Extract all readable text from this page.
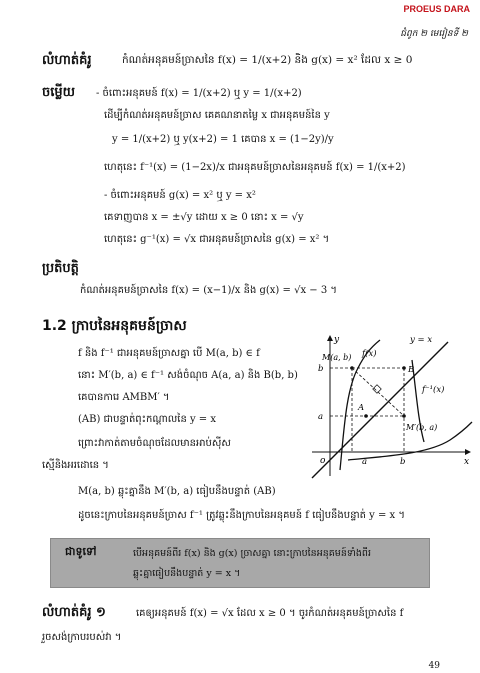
PROEUS DARA
ជំពូក ២ មេរៀនទី ២
លំហាត់គំរូ	កំណត់អនុគមន៍ច្រាសនៃ f(x) = 1/(x+2) និង g(x) = x² ដែល x ≥ 0
ចម្លើយ - ចំពោះអនុគមន៍ f(x) = 1/(x+2) ឬ y = 1/(x+2)
ដើម្បីកំណត់អនុគមន៍ច្រាស គេគណនាតម្លៃ x ជាអនុគមន៍នៃ y
y = 1/(x+2) ឬ y(x+2) = 1 គេបាន x = (1−2y)/y
ហេតុនេះ f⁻¹(x) = (1−2x)/x ជាអនុគមន៍ច្រាសនៃអនុគមន៍ f(x) = 1/(x+2)
- ចំពោះអនុគមន៍ g(x) = x² ឬ y = x²
គេទាញបាន x = ±√y ដោយ x ≥ 0 នោះ x = √y
ហេតុនេះ g⁻¹(x) = √x ជាអនុគមន៍ច្រាសនៃ g(x) = x² ។
ប្រតិបត្តិ
កំណត់អនុគមន៍ច្រាសនៃ f(x) = (x−1)/x និង g(x) = √x − 3 ។
1.2 ក្រាបនៃអនុគមន៍ច្រាស
f និង f⁻¹ ជាអនុគមន៍ច្រាសគ្នា បើ M(a, b) ∈ f
នោះ M′(b, a) ∈ f⁻¹ សង់ចំណុច A(a, a) និង B(b, b)
គេបានការេ AMBM′ ។
(AB) ជាបន្ទាត់ពុះកណ្តាលនៃ y = x
ព្រោះវាកាត់តាមចំណុចដែលមានអាប់ស៊ីស
ស្មើនិងអរដោនេ ។
M(a, b) ឆ្លុះគ្នានឹង M′(b, a) ធៀបនឹងបន្ទាត់ (AB)
ដូចនេះក្រាបនៃអនុគមន៍ច្រាស f⁻¹ ត្រូវឆ្លុះនឹងក្រាបនៃអនុគមន៍ f ធៀបនឹងបន្ទាត់ y = x ។
y
x
o
y = x
f(x)
f⁻¹(x)
M(a, b)
A
B
M′(b, a)
b
a
a	b
ជាទូទៅ	បើអនុគមន៍ពីរ f(x) និង g(x) ច្រាសគ្នា នោះក្រាបនៃអនុគមន៍ទាំងពីរ
ឆ្លុះគ្នាធៀបនឹងបន្ទាត់ y = x ។
លំហាត់គំរូ ១	គេឲ្យអនុគមន៍ f(x) = √x ដែល x ≥ 0 ។ ចូរកំណត់អនុគមន៍ច្រាសនៃ f
រួចសង់ក្រាបរបស់វា ។
49
